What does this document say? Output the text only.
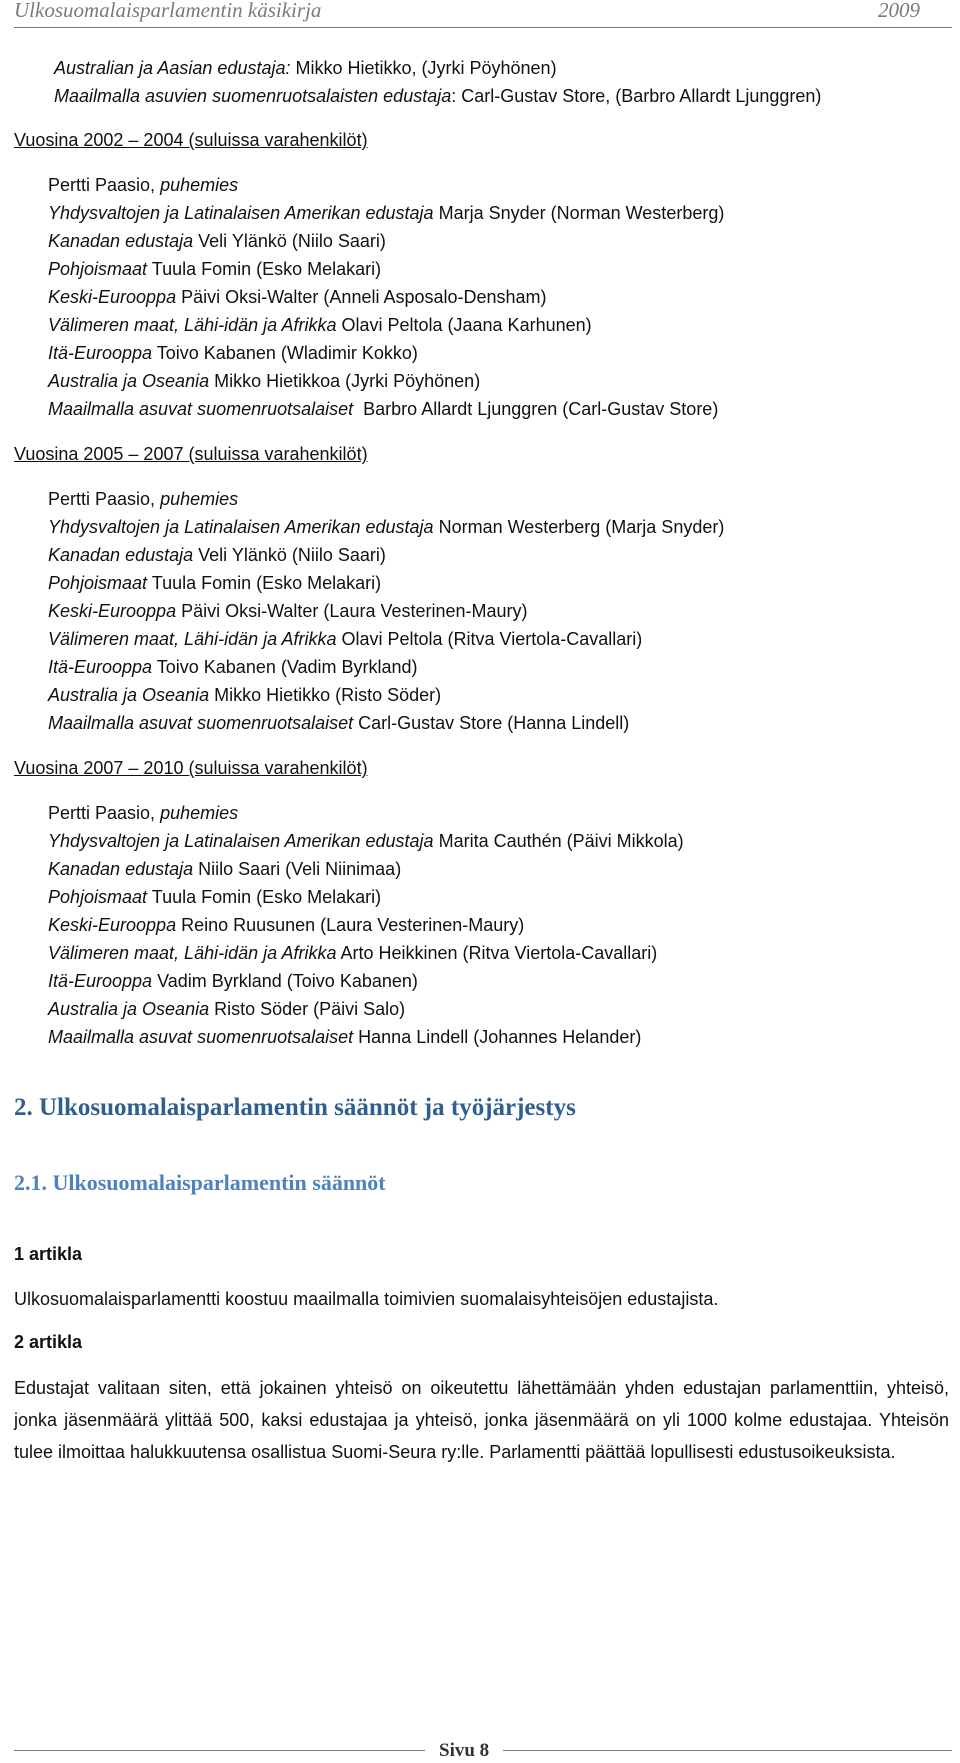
Ulkosuomalaisparlamentin käsikirja	2009
Australian ja Aasian edustaja: Mikko Hietikko, (Jyrki Pöyhönen)
Maailmalla asuvien suomenruotsalaisten edustaja: Carl-Gustav Store, (Barbro Allardt Ljunggren)
Vuosina 2002 – 2004 (suluissa varahenkilöt)
Pertti Paasio, puhemies
Yhdysvaltojen ja Latinalaisen Amerikan edustaja Marja Snyder (Norman Westerberg)
Kanadan edustaja Veli Ylänkö (Niilo Saari)
Pohjoismaat Tuula Fomin (Esko Melakari)
Keski-Eurooppa Päivi Oksi-Walter (Anneli Asposalo-Densham)
Välimeren maat, Lähi-idän ja Afrikka Olavi Peltola (Jaana Karhunen)
Itä-Eurooppa Toivo Kabanen (Wladimir Kokko)
Australia ja Oseania Mikko Hietikkoa (Jyrki Pöyhönen)
Maailmalla asuvat suomenruotsalaiset  Barbro Allardt Ljunggren (Carl-Gustav Store)
Vuosina 2005 – 2007 (suluissa varahenkilöt)
Pertti Paasio, puhemies
Yhdysvaltojen ja Latinalaisen Amerikan edustaja Norman Westerberg (Marja Snyder)
Kanadan edustaja Veli Ylänkö (Niilo Saari)
Pohjoismaat Tuula Fomin (Esko Melakari)
Keski-Eurooppa Päivi Oksi-Walter (Laura Vesterinen-Maury)
Välimeren maat, Lähi-idän ja Afrikka Olavi Peltola (Ritva Viertola-Cavallari)
Itä-Eurooppa Toivo Kabanen (Vadim Byrkland)
Australia ja Oseania Mikko Hietikko (Risto Söder)
Maailmalla asuvat suomenruotsalaiset Carl-Gustav Store (Hanna Lindell)
Vuosina 2007 – 2010 (suluissa varahenkilöt)
Pertti Paasio, puhemies
Yhdysvaltojen ja Latinalaisen Amerikan edustaja Marita Cauthén (Päivi Mikkola)
Kanadan edustaja Niilo Saari (Veli Niinimaa)
Pohjoismaat Tuula Fomin (Esko Melakari)
Keski-Eurooppa Reino Ruusunen (Laura Vesterinen-Maury)
Välimeren maat, Lähi-idän ja Afrikka Arto Heikkinen (Ritva Viertola-Cavallari)
Itä-Eurooppa Vadim Byrkland (Toivo Kabanen)
Australia ja Oseania Risto Söder (Päivi Salo)
Maailmalla asuvat suomenruotsalaiset Hanna Lindell (Johannes Helander)
2. Ulkosuomalaisparlamentin säännöt ja työjärjestys
2.1. Ulkosuomalaisparlamentin säännöt
1 artikla
Ulkosuomalaisparlamentti koostuu maailmalla toimivien suomalaisyhteisöjen edustajista.
2 artikla
Edustajat valitaan siten, että jokainen yhteisö on oikeutettu lähettämään yhden edustajan parlamenttiin, yhteisö, jonka jäsenmäärä ylittää 500, kaksi edustajaa ja yhteisö, jonka jäsenmäärä on yli 1000 kolme edustajaa. Yhteisön tulee ilmoittaa halukkuutensa osallistua Suomi-Seura ry:lle. Parlamentti päättää lopullisesti edustusoikeuksista.
Sivu 8
